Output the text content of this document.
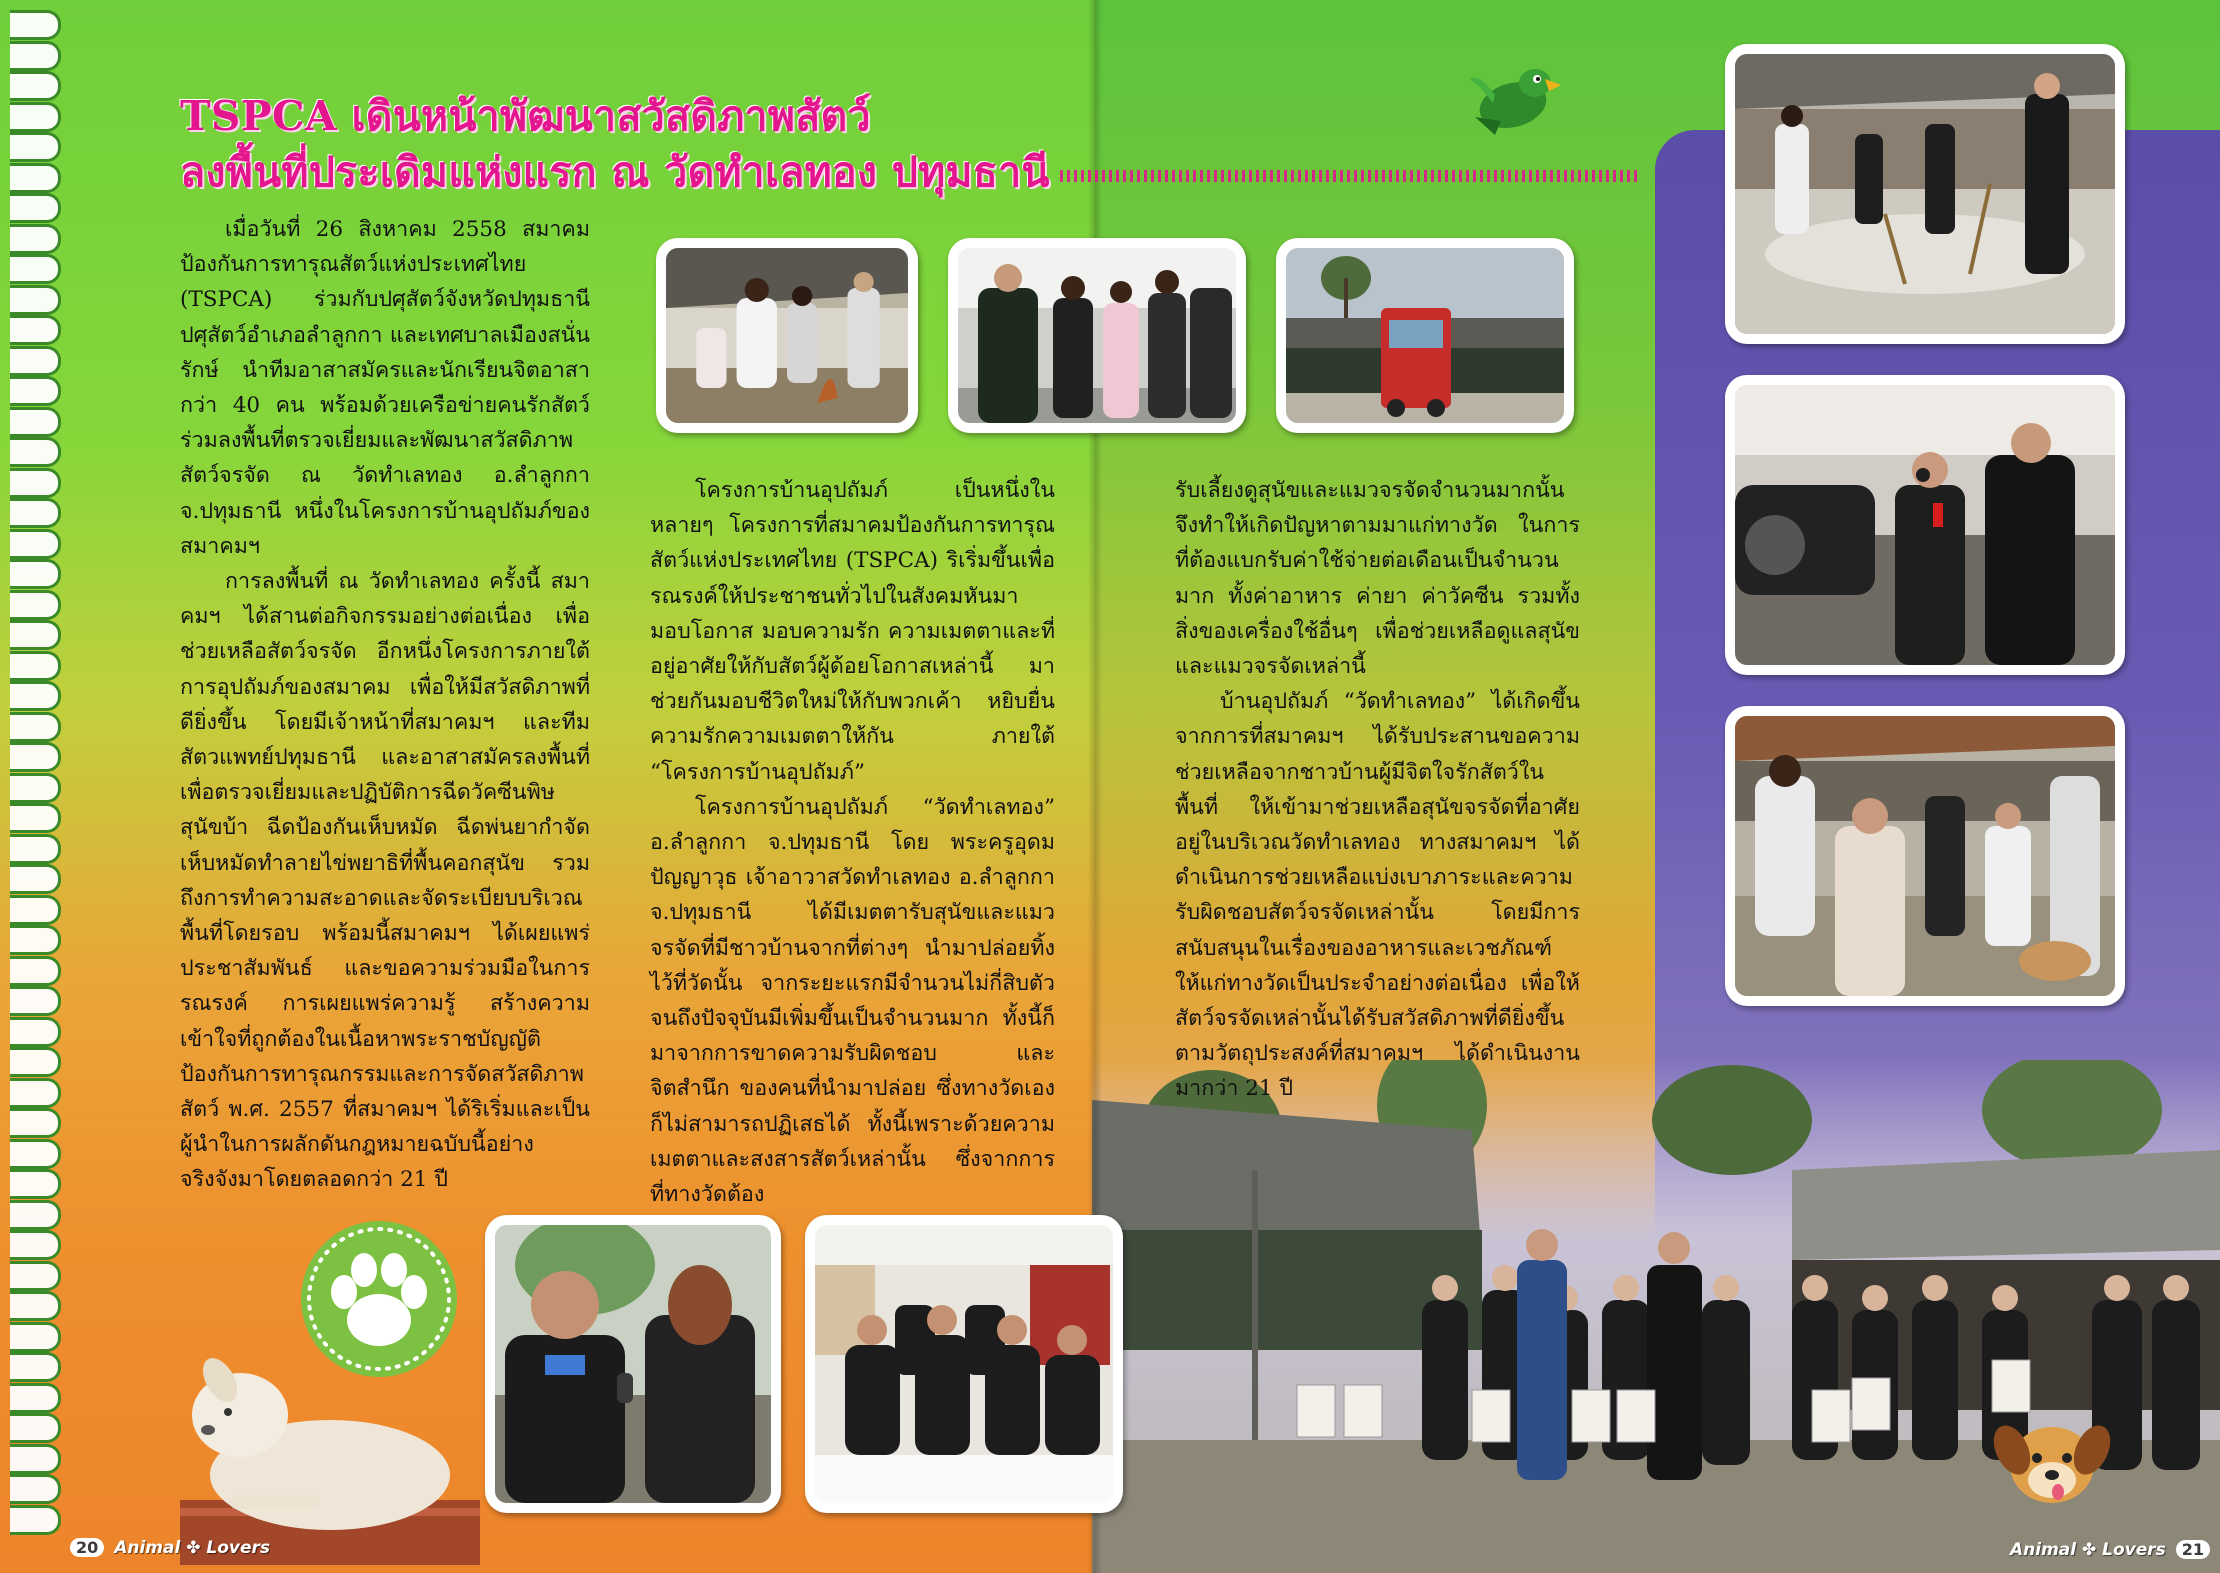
TSPCA เดินหน้าพัฒนาสวัสดิภาพสัตว์
ลงพื้นที่ประเดิมแห่งแรก ณ วัดทำเลทอง ปทุมธานี

เมื่อวันที่ 26 สิงหาคม 2558 สมาคมป้องกันการทารุณสัตว์แห่งประเทศไทย (TSPCA) ร่วมกับปศุสัตว์จังหวัดปทุมธานี ปศุสัตว์อำเภอลำลูกกา และเทศบาลเมืองสนั่นรักษ์ นำทีมอาสาสมัครและนักเรียนจิตอาสากว่า 40 คน พร้อมด้วยเครือข่ายคนรักสัตว์ ร่วมลงพื้นที่ตรวจเยี่ยมและพัฒนาสวัสดิภาพสัตว์จรจัด ณ วัดทำเลทอง อ.ลำลูกกา จ.ปทุมธานี หนึ่งในโครงการบ้านอุปถัมภ์ของสมาคมฯ

การลงพื้นที่ ณ วัดทำเลทอง ครั้งนี้ สมาคมฯ ได้สานต่อกิจกรรมอย่างต่อเนื่อง เพื่อช่วยเหลือสัตว์จรจัด อีกหนึ่งโครงการภายใต้การอุปถัมภ์ของสมาคม เพื่อให้มีสวัสดิภาพที่ดียิ่งขึ้น โดยมีเจ้าหน้าที่สมาคมฯ และทีมสัตวแพทย์ปทุมธานี และอาสาสมัครลงพื้นที่เพื่อตรวจเยี่ยมและปฏิบัติการฉีดวัคซีนพิษสุนัขบ้า ฉีดป้องกันเห็บหมัด ฉีดพ่นยากำจัดเห็บหมัดทำลายไข่พยาธิที่พื้นคอกสุนัข รวมถึงการทำความสะอาดและจัดระเบียบบริเวณพื้นที่โดยรอบ พร้อมนี้สมาคมฯ ได้เผยแพร่ประชาสัมพันธ์ และขอความร่วมมือในการรณรงค์ การเผยแพร่ความรู้ สร้างความเข้าใจที่ถูกต้องในเนื้อหาพระราชบัญญัติป้องกันการทารุณกรรมและการจัดสวัสดิภาพสัตว์ พ.ศ. 2557 ที่สมาคมฯ ได้ริเริ่มและเป็นผู้นำในการผลักดันกฎหมายฉบับนี้อย่างจริงจังมาโดยตลอดกว่า 21 ปี

โครงการบ้านอุปถัมภ์ เป็นหนึ่งในหลายๆ โครงการที่สมาคมป้องกันการทารุณสัตว์แห่งประเทศไทย (TSPCA) ริเริ่มขึ้นเพื่อรณรงค์ให้ประชาชนทั่วไปในสังคมหันมามอบโอกาส มอบความรัก ความเมตตาและที่อยู่อาศัยให้กับสัตว์ผู้ด้อยโอกาสเหล่านี้ มาช่วยกันมอบชีวิตใหม่ให้กับพวกเค้า หยิบยื่นความรักความเมตตาให้กัน ภายใต้ “โครงการบ้านอุปถัมภ์”

โครงการบ้านอุปถัมภ์ “วัดทำเลทอง” อ.ลำลูกกา จ.ปทุมธานี โดย พระครูอุดมปัญญาวุธ เจ้าอาวาสวัดทำเลทอง อ.ลำลูกกา จ.ปทุมธานี ได้มีเมตตารับสุนัขและแมวจรจัดที่มีชาวบ้านจากที่ต่างๆ นำมาปล่อยทิ้งไว้ที่วัดนั้น จากระยะแรกมีจำนวนไม่กี่สิบตัว จนถึงปัจจุบันมีเพิ่มขึ้นเป็นจำนวนมาก ทั้งนี้ก็มาจากการขาดความรับผิดชอบ และจิตสำนึก ของคนที่นำมาปล่อย ซึ่งทางวัดเองก็ไม่สามารถปฏิเสธได้ ทั้งนี้เพราะด้วยความเมตตาและสงสารสัตว์เหล่านั้น ซึ่งจากการที่ทางวัดต้อง

รับเลี้ยงดูสุนัขและแมวจรจัดจำนวนมากนั้น จึงทำให้เกิดปัญหาตามมาแก่ทางวัด ในการที่ต้องแบกรับค่าใช้จ่ายต่อเดือนเป็นจำนวนมาก ทั้งค่าอาหาร ค่ายา ค่าวัคซีน รวมทั้งสิ่งของเครื่องใช้อื่นๆ เพื่อช่วยเหลือดูแลสุนัขและแมวจรจัดเหล่านี้

บ้านอุปถัมภ์ “วัดทำเลทอง” ได้เกิดขึ้นจากการที่สมาคมฯ ได้รับประสานขอความช่วยเหลือจากชาวบ้านผู้มีจิตใจรักสัตว์ในพื้นที่ ให้เข้ามาช่วยเหลือสุนัขจรจัดที่อาศัยอยู่ในบริเวณวัดทำเลทอง ทางสมาคมฯ ได้ดำเนินการช่วยเหลือแบ่งเบาภาระและความรับผิดชอบสัตว์จรจัดเหล่านั้น โดยมีการสนับสนุนในเรื่องของอาหารและเวชภัณฑ์ ให้แก่ทางวัดเป็นประจำอย่างต่อเนื่อง เพื่อให้สัตว์จรจัดเหล่านั้นได้รับสวัสดิภาพที่ดียิ่งขึ้นตามวัตถุประสงค์ที่สมาคมฯ ได้ดำเนินงานมากว่า 21 ปี

20 Animal ✤ Lovers	Animal ✤ Lovers 21
